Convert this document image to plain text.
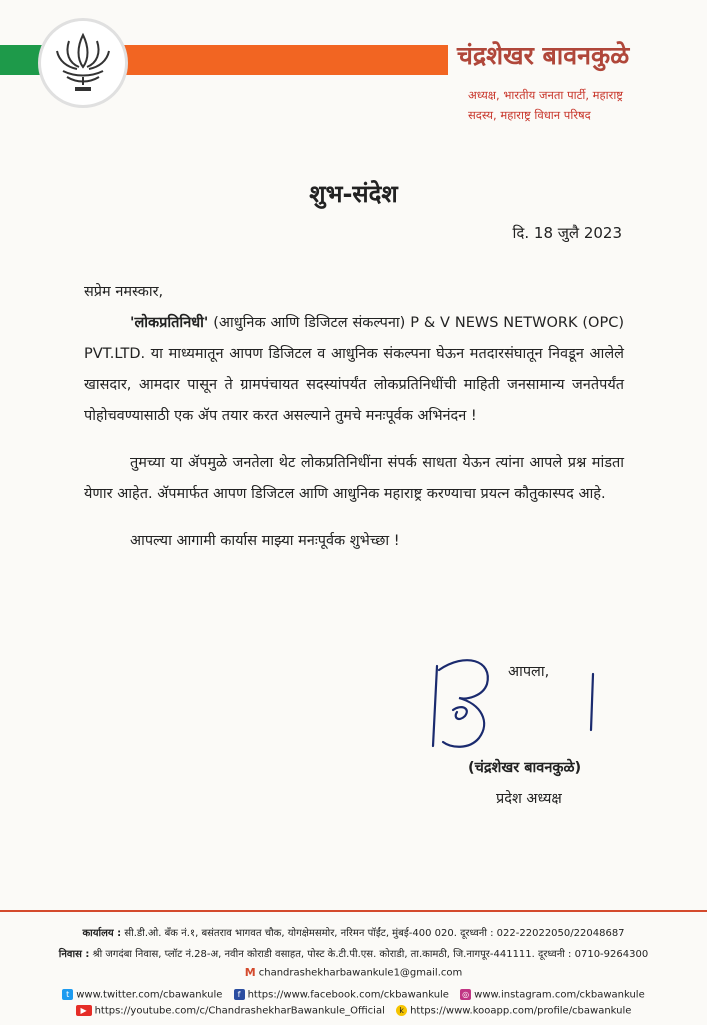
चंद्रशेखर बावनकुळे
अध्यक्ष, भारतीय जनता पार्टी, महाराष्ट्र
सदस्य, महाराष्ट्र विधान परिषद
शुभ-संदेश
दि. 18 जुलै 2023

सप्रेम नमस्कार,

'लोकप्रतिनिधी' (आधुनिक आणि डिजिटल संकल्पना) P & V NEWS NETWORK (OPC) PVT.LTD. या माध्यमातून आपण डिजिटल व आधुनिक संकल्पना घेऊन मतदारसंघातून निवडून आलेले खासदार, आमदार पासून ते ग्रामपंचायत सदस्यांपर्यंत लोकप्रतिनिधींची माहिती जनसामान्य जनतेपर्यंत पोहोचवण्यासाठी एक ॲप तयार करत असल्याने तुमचे मनःपूर्वक अभिनंदन !

तुमच्या या ॲपमुळे जनतेला थेट लोकप्रतिनिधींना संपर्क साधता येऊन त्यांना आपले प्रश्न मांडता येणार आहेत. ॲपमार्फत आपण डिजिटल आणि आधुनिक महाराष्ट्र करण्याचा प्रयत्न कौतुकास्पद आहे.

आपल्या आगामी कार्यास माझ्या मनःपूर्वक शुभेच्छा !

आपला,
(चंद्रशेखर बावनकुळे)
प्रदेश अध्यक्ष
कार्यालय : सी.डी.ओ. बॅंक नं.१, बसंतराव भागवत चौक, योगक्षेमसमोर, नरिमन पॉईंट, मुंबई-400 020. दूरध्वनी : 022-22022050/22048687
निवास : श्री जगदंबा निवास, प्लॉट नं.28-अ, नवीन कोराडी वसाहत, पोस्ट के.टी.पी.एस. कोराडी, ता.कामठी, जि.नागपूर-441111. दूरध्वनी : 0710-9264300
M chandrashekharbawankule1@gmail.com
t www.twitter.com/cbawankule f https://www.facebook.com/ckbawankule ◎ www.instagram.com/ckbawankule
▶ https://youtube.com/c/ChandrashekharBawankule_Official k https://www.kooapp.com/profile/cbawankule
